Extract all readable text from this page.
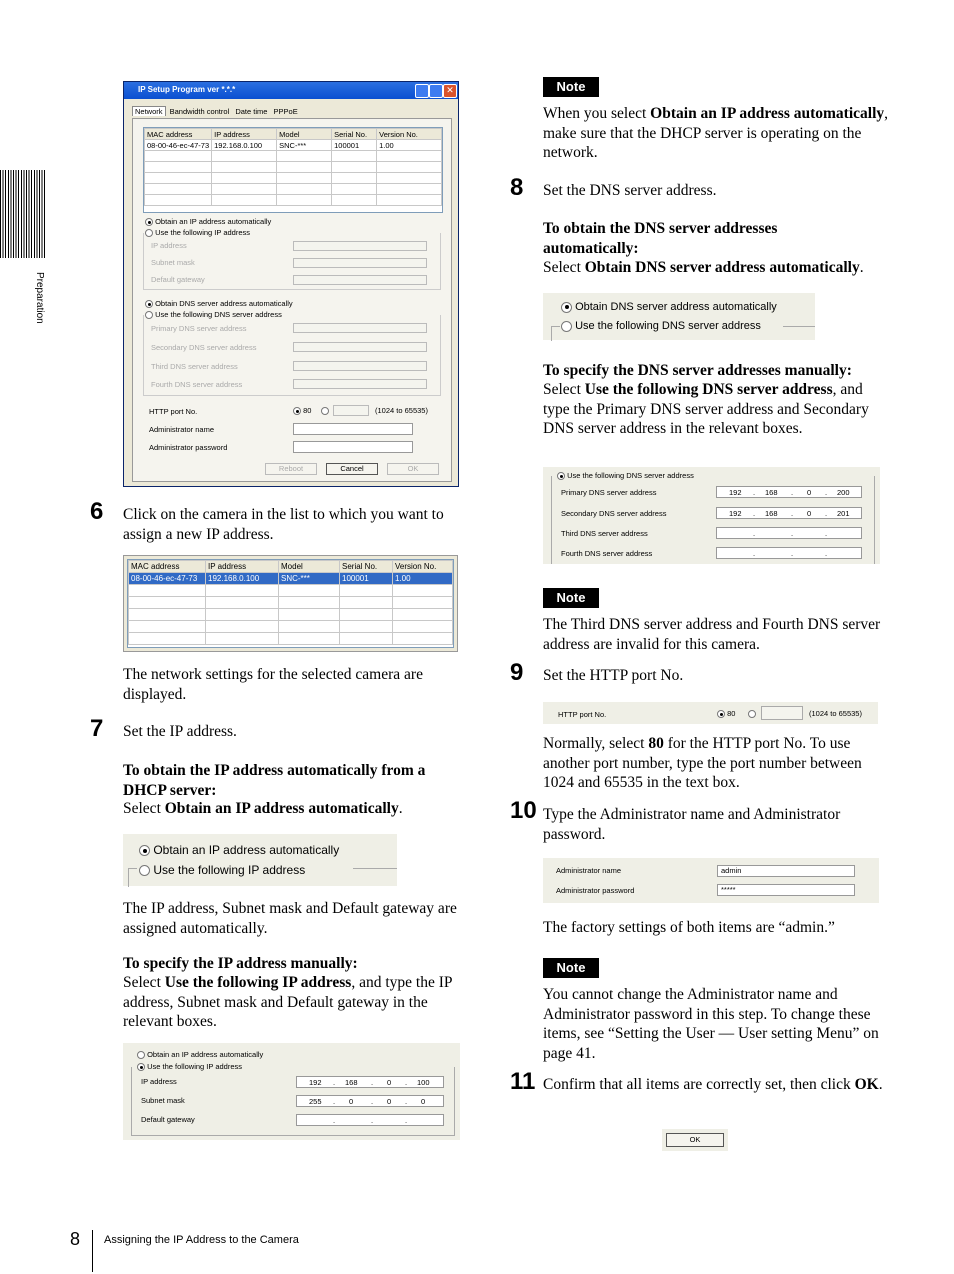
Preparation
IP Setup Program ver *.*.*	✕
Network Bandwidth control Date time PPPoE
MAC address	IP address	Model	Serial No.	Version No.
08-00-46-ec-47-73	192.168.0.100	SNC-***	100001	1.00

Obtain an IP address automatically
Use the following IP address
IP address
Subnet mask
Default gateway
Obtain DNS server address automatically
Use the following DNS server address
Primary DNS server address
Secondary DNS server address
Third DNS server address
Fourth DNS server address
HTTP port No.	80	(1024 to 65535)
Administrator name
Administrator password
Reboot	Cancel	OK
6 Click on the camera in the list to which you want to assign a new IP address.
MAC address	IP address	Model	Serial No.	Version No.
08-00-46-ec-47-73	192.168.0.100	SNC-***	100001	1.00

The network settings for the selected camera are displayed.
7 Set the IP address.
To obtain the IP address automatically from a DHCP server:
Select Obtain an IP address automatically.
Obtain an IP address automatically
Use the following IP address
The IP address, Subnet mask and Default gateway are assigned automatically.
To specify the IP address manually:
Select Use the following IP address, and type the IP address, Subnet mask and Default gateway in the relevant boxes.
Obtain an IP address automatically
Use the following IP address
IP address	192 . 168 . 0 . 100
Subnet mask	255 . 0 . 0 . 0
Default gateway	.	.	.
Note
When you select Obtain an IP address automatically, make sure that the DHCP server is operating on the network.
8 Set the DNS server address.
To obtain the DNS server addresses automatically:
Select Obtain DNS server address automatically.
Obtain DNS server address automatically
Use the following DNS server address
To specify the DNS server addresses manually:
Select Use the following DNS server address, and type the Primary DNS server address and Secondary DNS server address in the relevant boxes.
Use the following DNS server address
Primary DNS server address	192 . 168 . 0 . 200
Secondary DNS server address	192 . 168 . 0 . 201
Third DNS server address	.	.	.
Fourth DNS server address	.	.	.
Note
The Third DNS server address and Fourth DNS server address are invalid for this camera.
9 Set the HTTP port No.
HTTP port No.	80	(1024 to 65535)
Normally, select 80 for the HTTP port No. To use another port number, type the port number between 1024 and 65535 in the text box.
10 Type the Administrator name and Administrator password.
Administrator name	admin
Administrator password	*****
The factory settings of both items are “admin.”
Note
You cannot change the Administrator name and Administrator password in this step. To change these items, see “Setting the User — User setting Menu” on page 41.
11 Confirm that all items are correctly set, then click OK.
OK
8 Assigning the IP Address to the Camera
